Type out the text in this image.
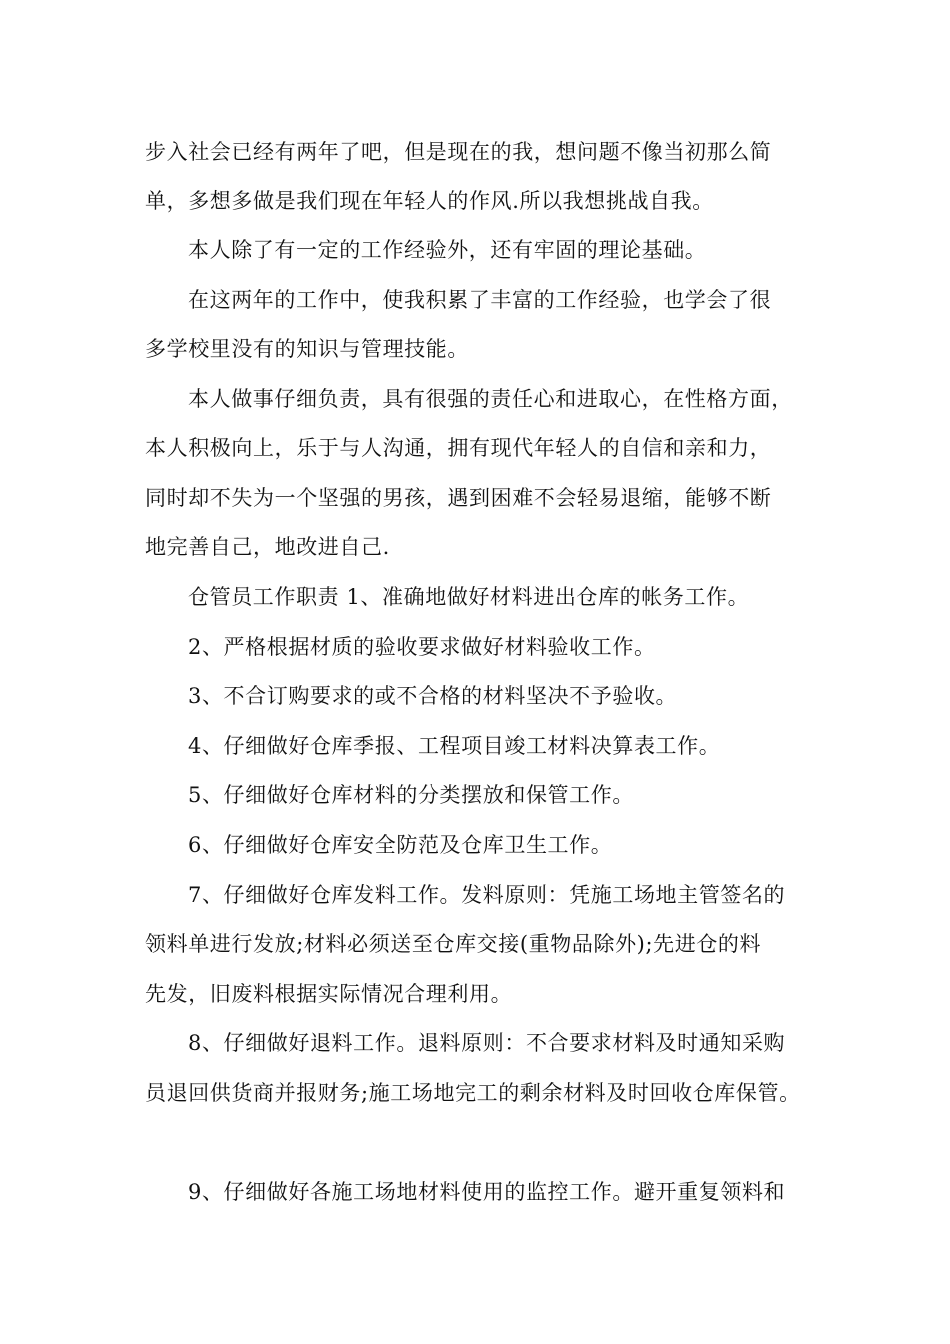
步入社会已经有两年了吧，但是现在的我，想问题不像当初那么简
单，多想多做是我们现在年轻人的作风.所以我想挑战自我。
本人除了有一定的工作经验外，还有牢固的理论基础。
在这两年的工作中，使我积累了丰富的工作经验，也学会了很
多学校里没有的知识与管理技能。
本人做事仔细负责，具有很强的责任心和进取心，在性格方面，
本人积极向上，乐于与人沟通，拥有现代年轻人的自信和亲和力，
同时却不失为一个坚强的男孩，遇到困难不会轻易退缩，能够不断
地完善自己，地改进自己.
仓管员工作职责 1、准确地做好材料进出仓库的帐务工作。
2、严格根据材质的验收要求做好材料验收工作。
3、不合订购要求的或不合格的材料坚决不予验收。
4、仔细做好仓库季报、工程项目竣工材料决算表工作。
5、仔细做好仓库材料的分类摆放和保管工作。
6、仔细做好仓库安全防范及仓库卫生工作。
7、仔细做好仓库发料工作。发料原则：凭施工场地主管签名的
领料单进行发放;材料必须送至仓库交接(重物品除外);先进仓的料
先发，旧废料根据实际情况合理利用。
8、仔细做好退料工作。退料原则：不合要求材料及时通知采购
员退回供货商并报财务;施工场地完工的剩余材料及时回收仓库保管。
9、仔细做好各施工场地材料使用的监控工作。避开重复领料和
